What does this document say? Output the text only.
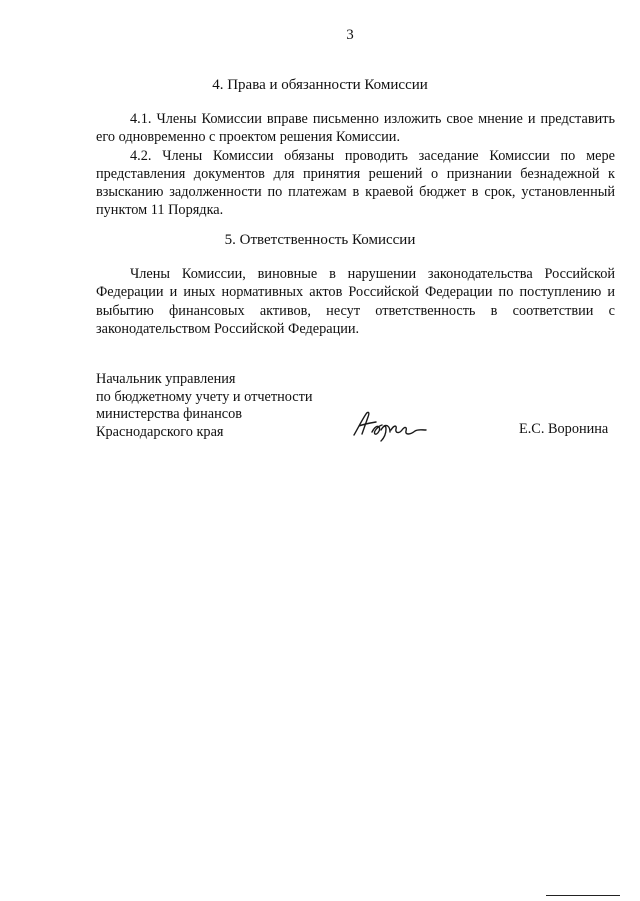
3
4. Права и обязанности Комиссии

4.1. Члены Комиссии вправе письменно изложить свое мнение и представить его одновременно с проектом решения Комиссии.

4.2. Члены Комиссии обязаны проводить заседание Комиссии по мере представления документов для принятия решений о признании безнадежной к взысканию задолженности по платежам в краевой бюджет в срок, установленный пунктом 11 Порядка.

5. Ответственность Комиссии

Члены Комиссии, виновные в нарушении законодательства Российской Федерации и иных нормативных актов Российской Федерации по поступлению и выбытию финансовых активов, несут ответственность в соответствии с законодательством Российской Федерации.

Начальник управления
по бюджетному учету и отчетности
министерства финансов
Краснодарского края	Е.С. Воронина
